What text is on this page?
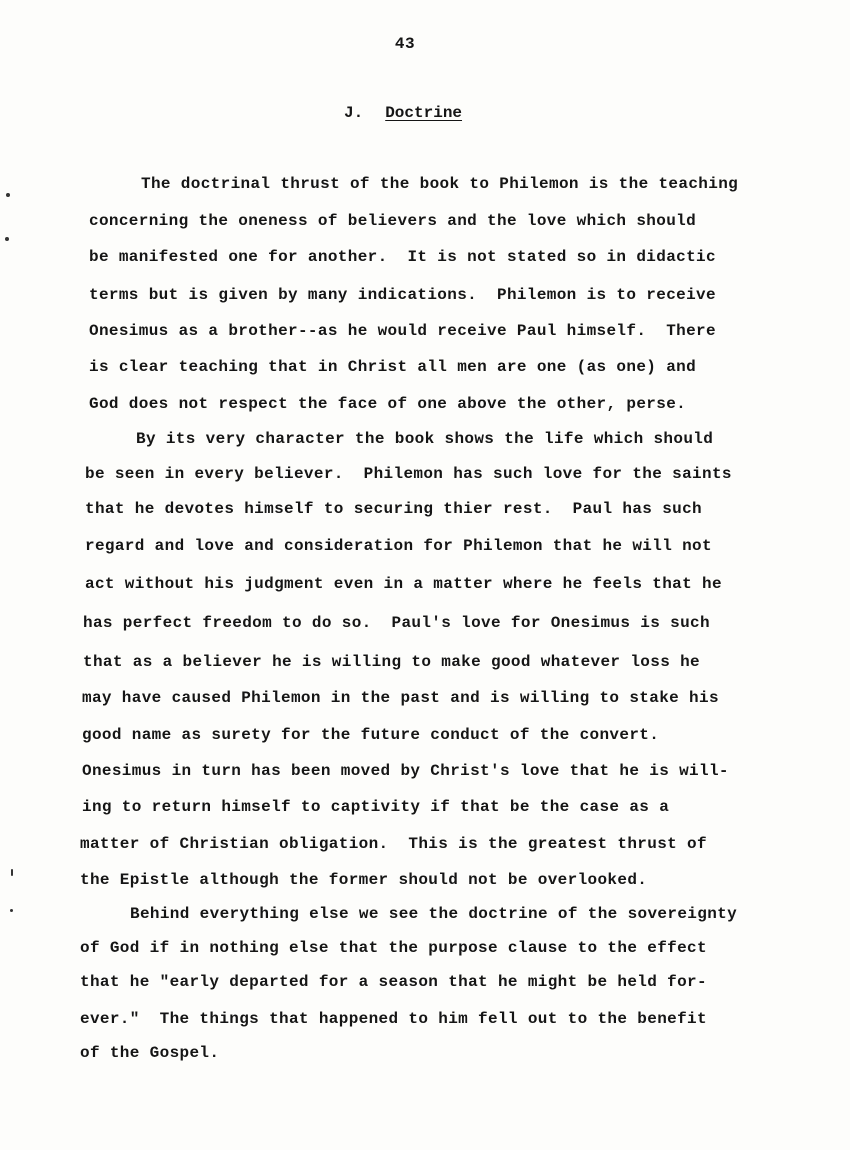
43
J. Doctrine
The doctrinal thrust of the book to Philemon is the teaching
concerning the oneness of believers and the love which should
be manifested one for another.  It is not stated so in didactic
terms but is given by many indications.  Philemon is to receive
Onesimus as a brother--as he would receive Paul himself.  There
is clear teaching that in Christ all men are one (as one) and
God does not respect the face of one above the other, perse.
By its very character the book shows the life which should
be seen in every believer.  Philemon has such love for the saints
that he devotes himself to securing thier rest.  Paul has such
regard and love and consideration for Philemon that he will not
act without his judgment even in a matter where he feels that he
has perfect freedom to do so.  Paul's love for Onesimus is such
that as a believer he is willing to make good whatever loss he
may have caused Philemon in the past and is willing to stake his
good name as surety for the future conduct of the convert.
Onesimus in turn has been moved by Christ's love that he is will-
ing to return himself to captivity if that be the case as a
matter of Christian obligation.  This is the greatest thrust of
the Epistle although the former should not be overlooked.
Behind everything else we see the doctrine of the sovereignty
of God if in nothing else that the purpose clause to the effect
that he "early departed for a season that he might be held for-
ever."  The things that happened to him fell out to the benefit
of the Gospel.
